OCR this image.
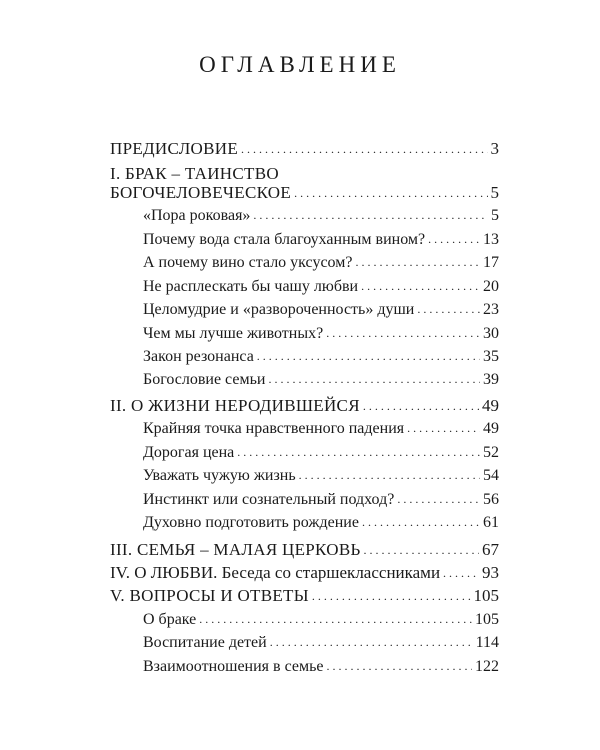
ОГЛАВЛЕНИЕ
ПРЕДИСЛОВИЕ . . .	3
I. БРАК – ТАИНСТВО
БОГОЧЕЛОВЕЧЕСКОЕ . . .	5
«Пора роковая» . . .	5
Почему вода стала благоуханным вином? . . .	13
А почему вино стало уксусом? . . .	17
Не расплескать бы чашу любви . . .	20
Целомудрие и «развороченность» души . . .	23
Чем мы лучше животных? . . .	30
Закон резонанса . . .	35
Богословие семьи . . .	39
II. О ЖИЗНИ НЕРОДИВШЕЙСЯ . . .	49
Крайняя точка нравственного падения . . .	49
Дорогая цена . . .	52
Уважать чужую жизнь . . .	54
Инстинкт или сознательный подход? . . .	56
Духовно подготовить рождение . . .	61
III. СЕМЬЯ – МАЛАЯ ЦЕРКОВЬ . . .	67
IV. О ЛЮБВИ. Беседа со старшеклассниками . . . 93
V. ВОПРОСЫ И ОТВЕТЫ . . .	105
О браке . . .	105
Воспитание детей . . .	114
Взаимоотношения в семье . . .	122
